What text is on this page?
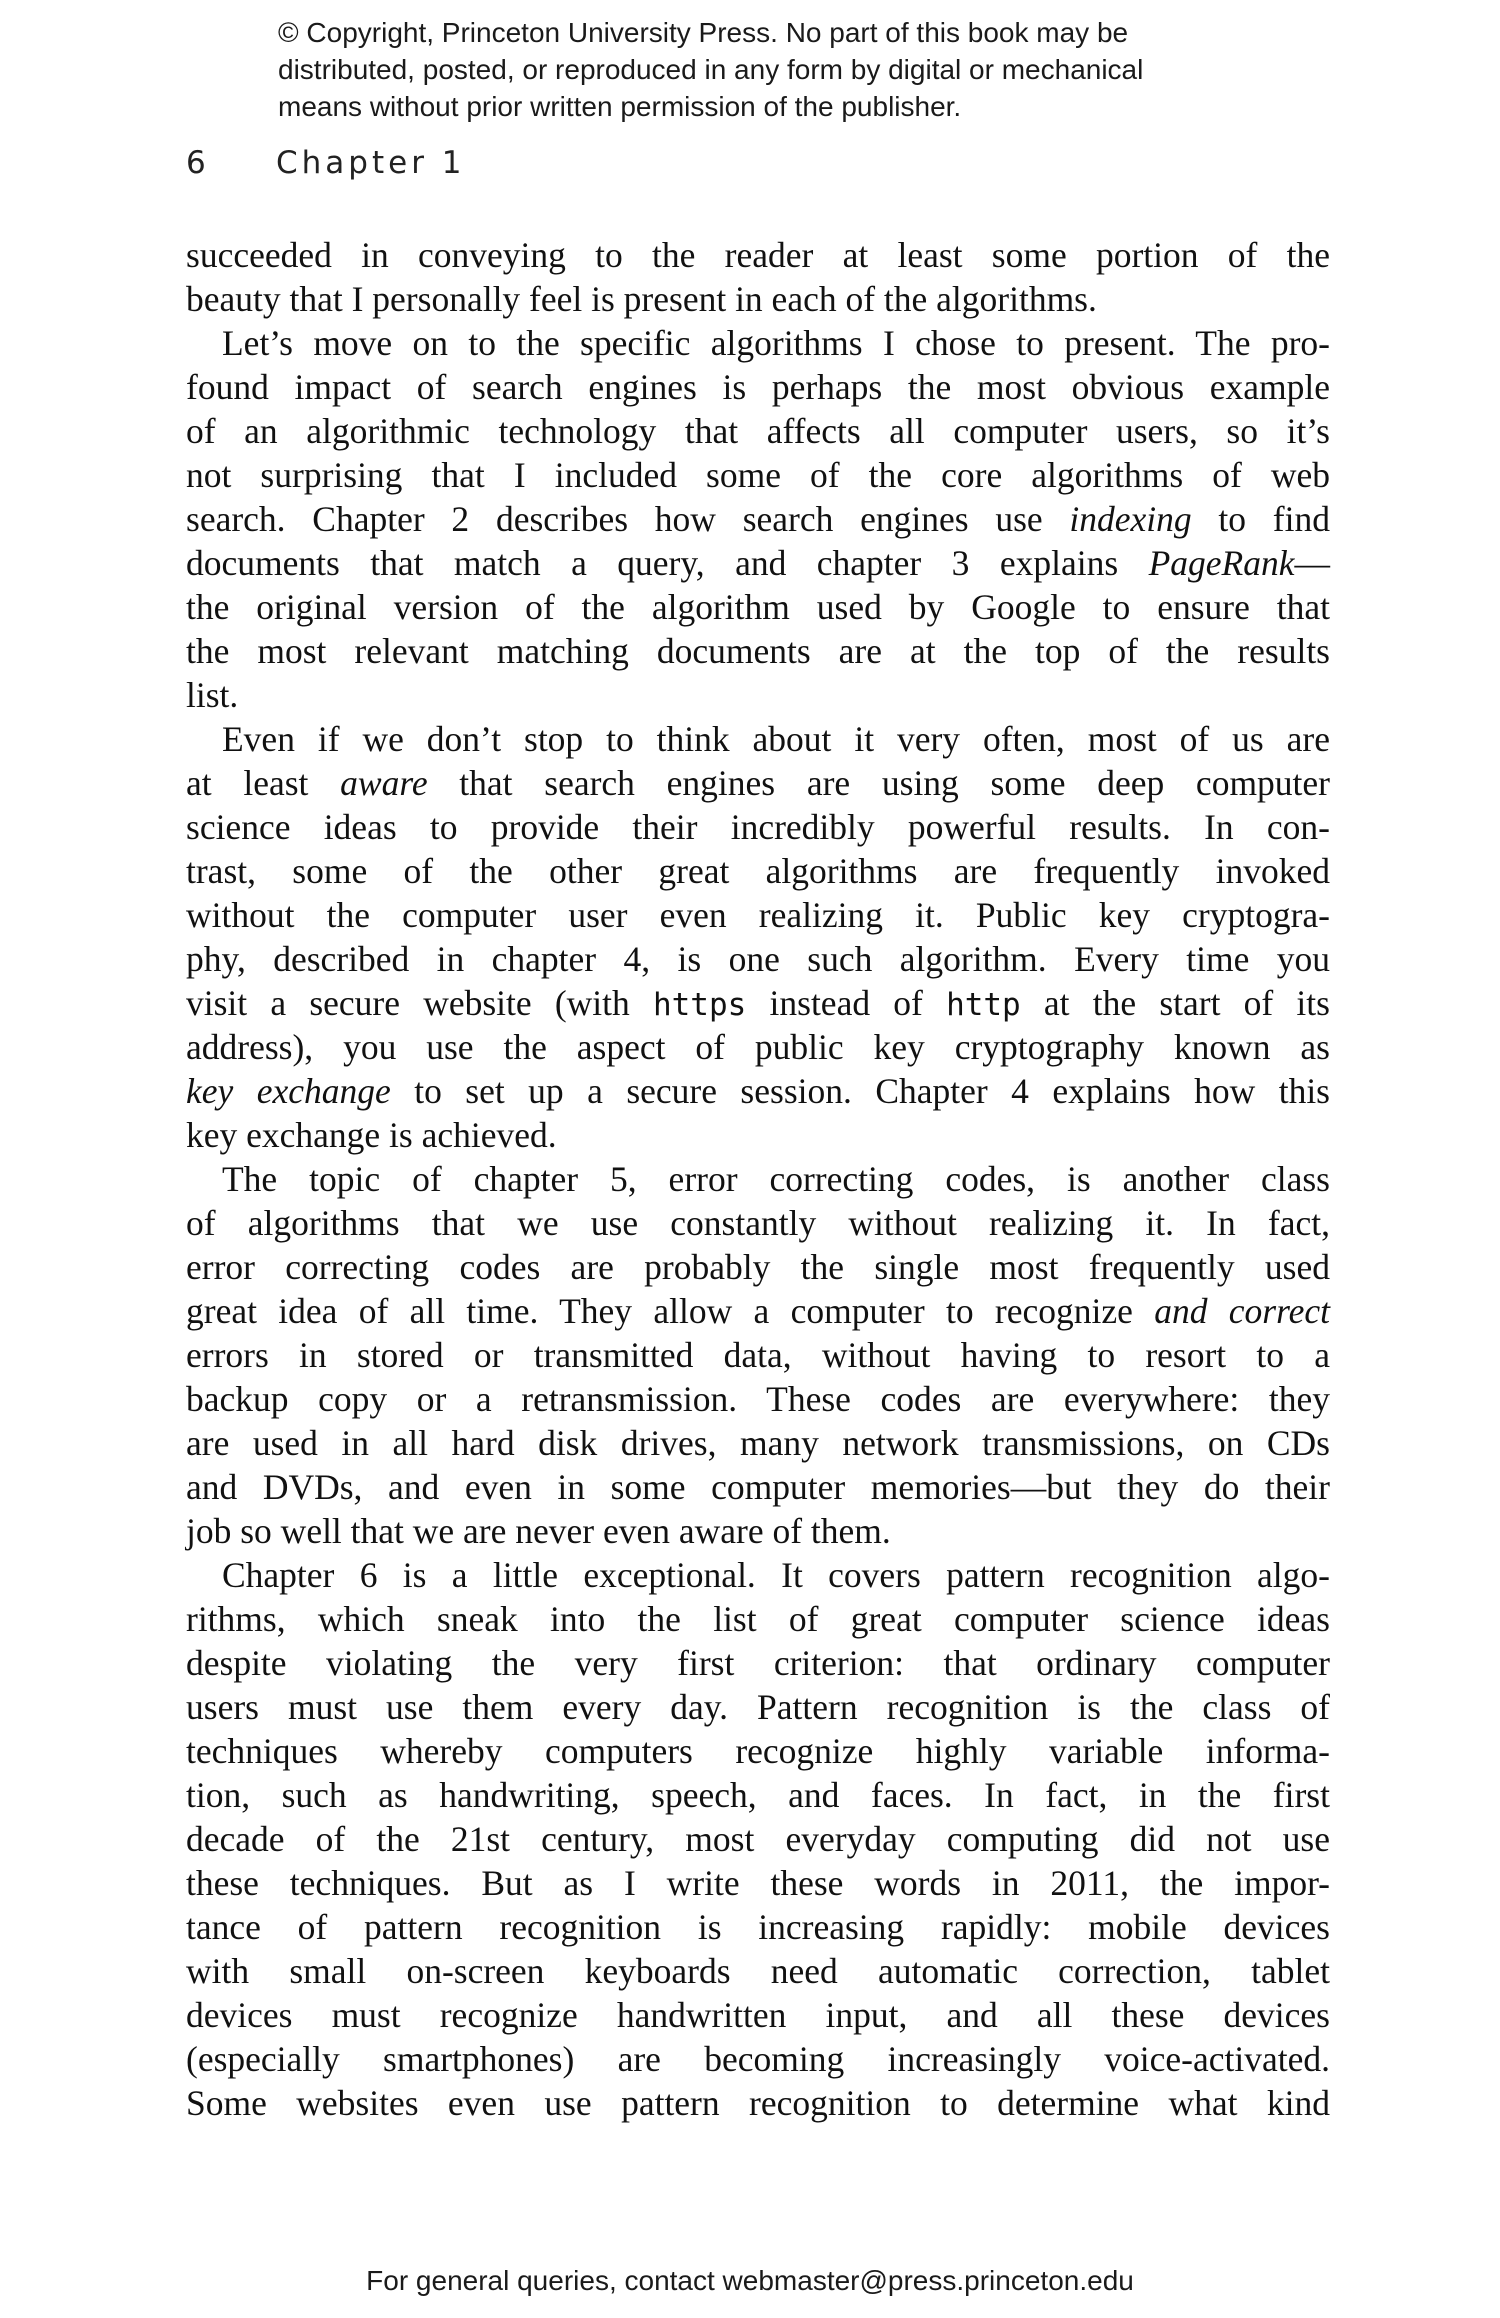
© Copyright, Princeton University Press. No part of this book may be
distributed, posted, or reproduced in any form by digital or mechanical
means without prior written permission of the publisher.
6 Chapter 1

succeeded in conveying to the reader at least some portion of the
beauty that I personally feel is present in each of the algorithms.

Let’s move on to the specific algorithms I chose to present. The pro-
found impact of search engines is perhaps the most obvious example
of an algorithmic technology that affects all computer users, so it’s
not surprising that I included some of the core algorithms of web
search. Chapter 2 describes how search engines use indexing to find
documents that match a query, and chapter 3 explains PageRank—
the original version of the algorithm used by Google to ensure that
the most relevant matching documents are at the top of the results
list.

Even if we don’t stop to think about it very often, most of us are
at least aware that search engines are using some deep computer
science ideas to provide their incredibly powerful results. In con-
trast, some of the other great algorithms are frequently invoked
without the computer user even realizing it. Public key cryptogra-
phy, described in chapter 4, is one such algorithm. Every time you
visit a secure website (with https instead of http at the start of its
address), you use the aspect of public key cryptography known as
key exchange to set up a secure session. Chapter 4 explains how this
key exchange is achieved.

The topic of chapter 5, error correcting codes, is another class
of algorithms that we use constantly without realizing it. In fact,
error correcting codes are probably the single most frequently used
great idea of all time. They allow a computer to recognize and correct
errors in stored or transmitted data, without having to resort to a
backup copy or a retransmission. These codes are everywhere: they
are used in all hard disk drives, many network transmissions, on CDs
and DVDs, and even in some computer memories—but they do their
job so well that we are never even aware of them.

Chapter 6 is a little exceptional. It covers pattern recognition algo-
rithms, which sneak into the list of great computer science ideas
despite violating the very first criterion: that ordinary computer
users must use them every day. Pattern recognition is the class of
techniques whereby computers recognize highly variable informa-
tion, such as handwriting, speech, and faces. In fact, in the first
decade of the 21st century, most everyday computing did not use
these techniques. But as I write these words in 2011, the impor-
tance of pattern recognition is increasing rapidly: mobile devices
with small on-screen keyboards need automatic correction, tablet
devices must recognize handwritten input, and all these devices
(especially smartphones) are becoming increasingly voice-activated.
Some websites even use pattern recognition to determine what kind

For general queries, contact webmaster@press.princeton.edu
